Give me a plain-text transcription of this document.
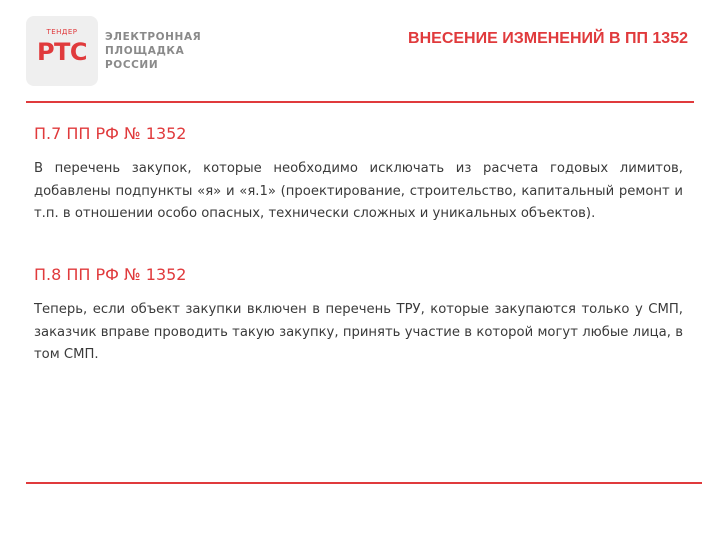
ТЕНДЕР
РТС
ЭЛЕКТРОННАЯ
ПЛОЩАДКА
РОССИИ
ВНЕСЕНИЕ ИЗМЕНЕНИЙ В ПП 1352
П.7 ПП РФ № 1352
В перечень закупок, которые необходимо исключать из расчета годовых лимитов, добавлены подпункты «я» и «я.1» (проектирование, строительство, капитальный ремонт и т.п. в отношении особо опасных, технически сложных и уникальных объектов).
П.8 ПП РФ № 1352
Теперь, если объект закупки включен в перечень ТРУ, которые закупаются только у СМП, заказчик вправе проводить такую закупку, принять участие в которой могут любые лица, в том СМП.
